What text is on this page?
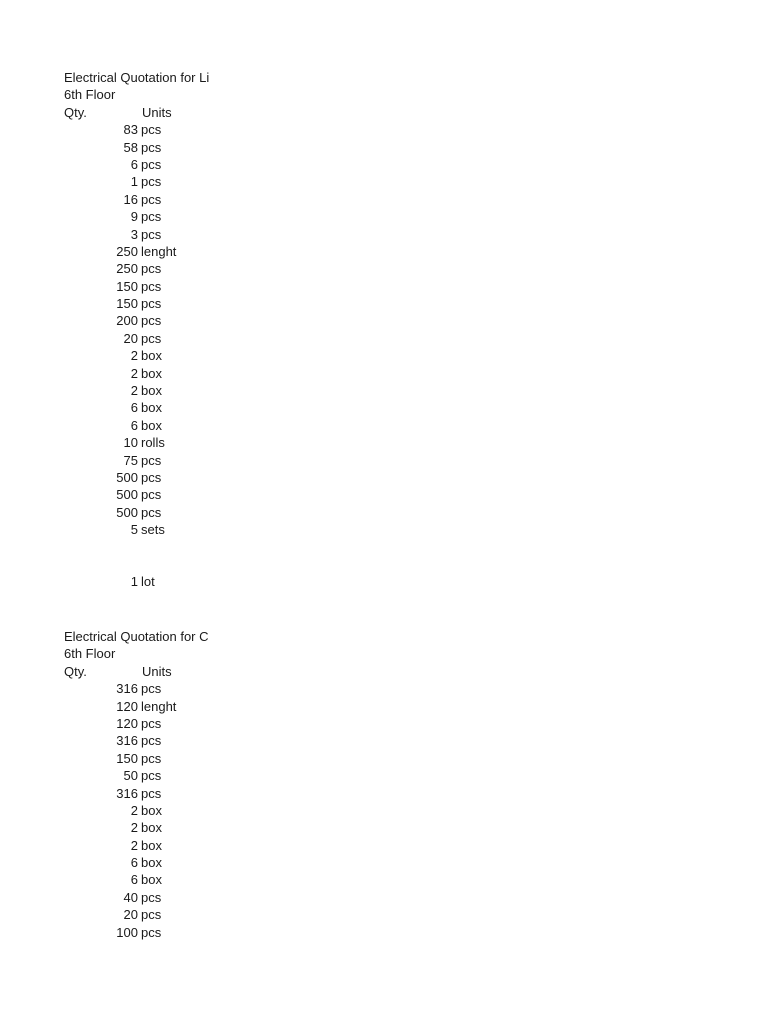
Electrical Quotation for Li
6th Floor
Qty.	Units
83 pcs
58 pcs
6 pcs
1 pcs
16 pcs
9 pcs
3 pcs
250 lenght
250 pcs
150 pcs
150 pcs
200 pcs
20 pcs
2 box
2 box
2 box
6 box
6 box
10 rolls
75 pcs
500 pcs
500 pcs
500 pcs
5 sets
1 lot
Electrical Quotation for C
6th Floor
Qty.	Units
316 pcs
120 lenght
120 pcs
316 pcs
150 pcs
50 pcs
316 pcs
2 box
2 box
2 box
6 box
6 box
40 pcs
20 pcs
100 pcs
